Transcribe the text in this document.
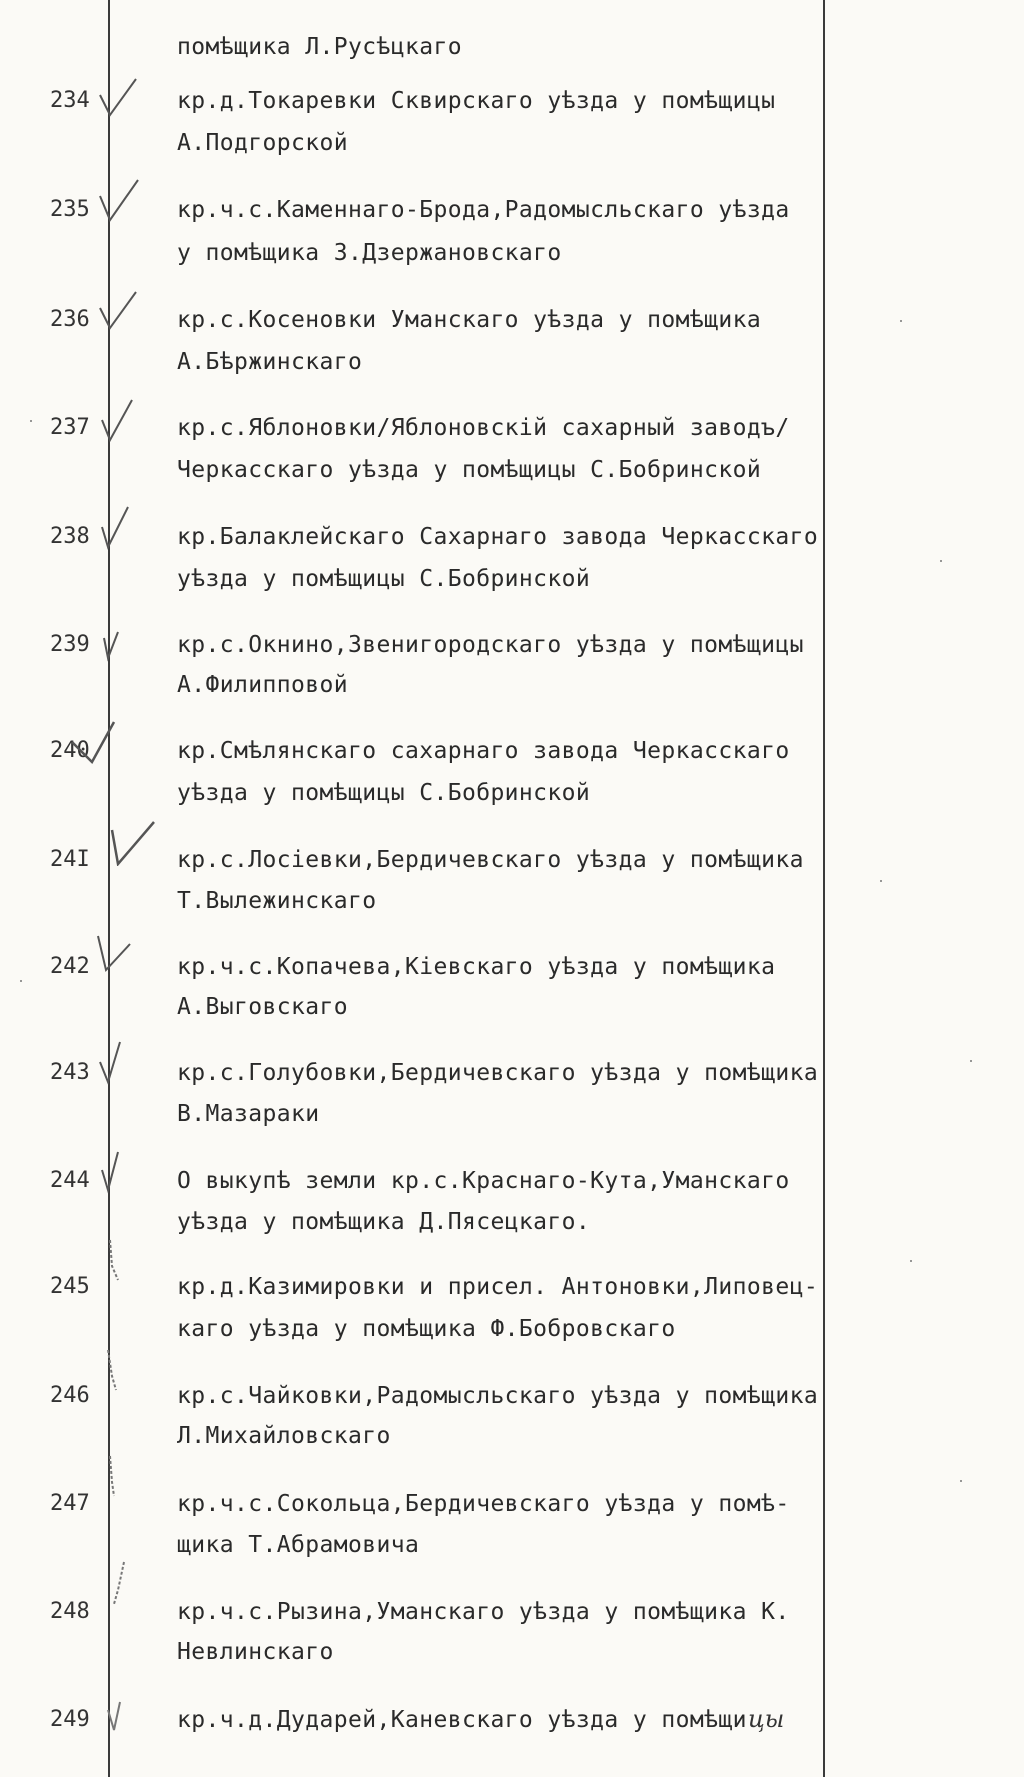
помѣщика Л.Русѣцкаго
234	кр.д.Токаревки Сквирскаго уѣзда у помѣщицы
А.Подгорской
235	кр.ч.с.Каменнаго-Брода,Радомысльскаго уѣзда
у помѣщика З.Дзержановскаго
236	кр.с.Косеновки Уманскаго уѣзда у помѣщика
А.Бѣржинскаго
237	кр.с.Яблоновки/Яблоновскій сахарный заводъ/
Черкасскаго уѣзда у помѣщицы С.Бобринской
238	кр.Балаклейскаго Сахарнаго завода Черкасскаго
уѣзда у помѣщицы С.Бобринской
239	кр.с.Окнино,Звенигородскаго уѣзда у помѣщицы
А.Филипповой
240	кр.Смѣлянскаго сахарнаго завода Черкасскаго
уѣзда у помѣщицы С.Бобринской
24I	кр.с.Лосіевки,Бердичевскаго уѣзда у помѣщика
Т.Вылежинскаго
242	кр.ч.с.Копачева,Кіевскаго уѣзда у помѣщика
А.Выговскаго
243	кр.с.Голубовки,Бердичевскаго уѣзда у помѣщика
В.Мазараки
244	О выкупѣ земли кр.с.Краснаго-Кута,Уманскаго
уѣзда у помѣщика Д.Пясецкаго.
245	кр.д.Казимировки и присел. Антоновки,Липовец-
каго уѣзда у помѣщика Ф.Бобровскаго
246	кр.с.Чайковки,Радомысльскаго уѣзда у помѣщика
Л.Михайловскаго
247	кр.ч.с.Сокольца,Бердичевскаго уѣзда у помѣ-
щика Т.Абрамовича
248	кр.ч.с.Рызина,Уманскаго уѣзда у помѣщика К.
Невлинскаго
249	кр.ч.д.Дударей,Каневскаго уѣзда у помѣщи цы
